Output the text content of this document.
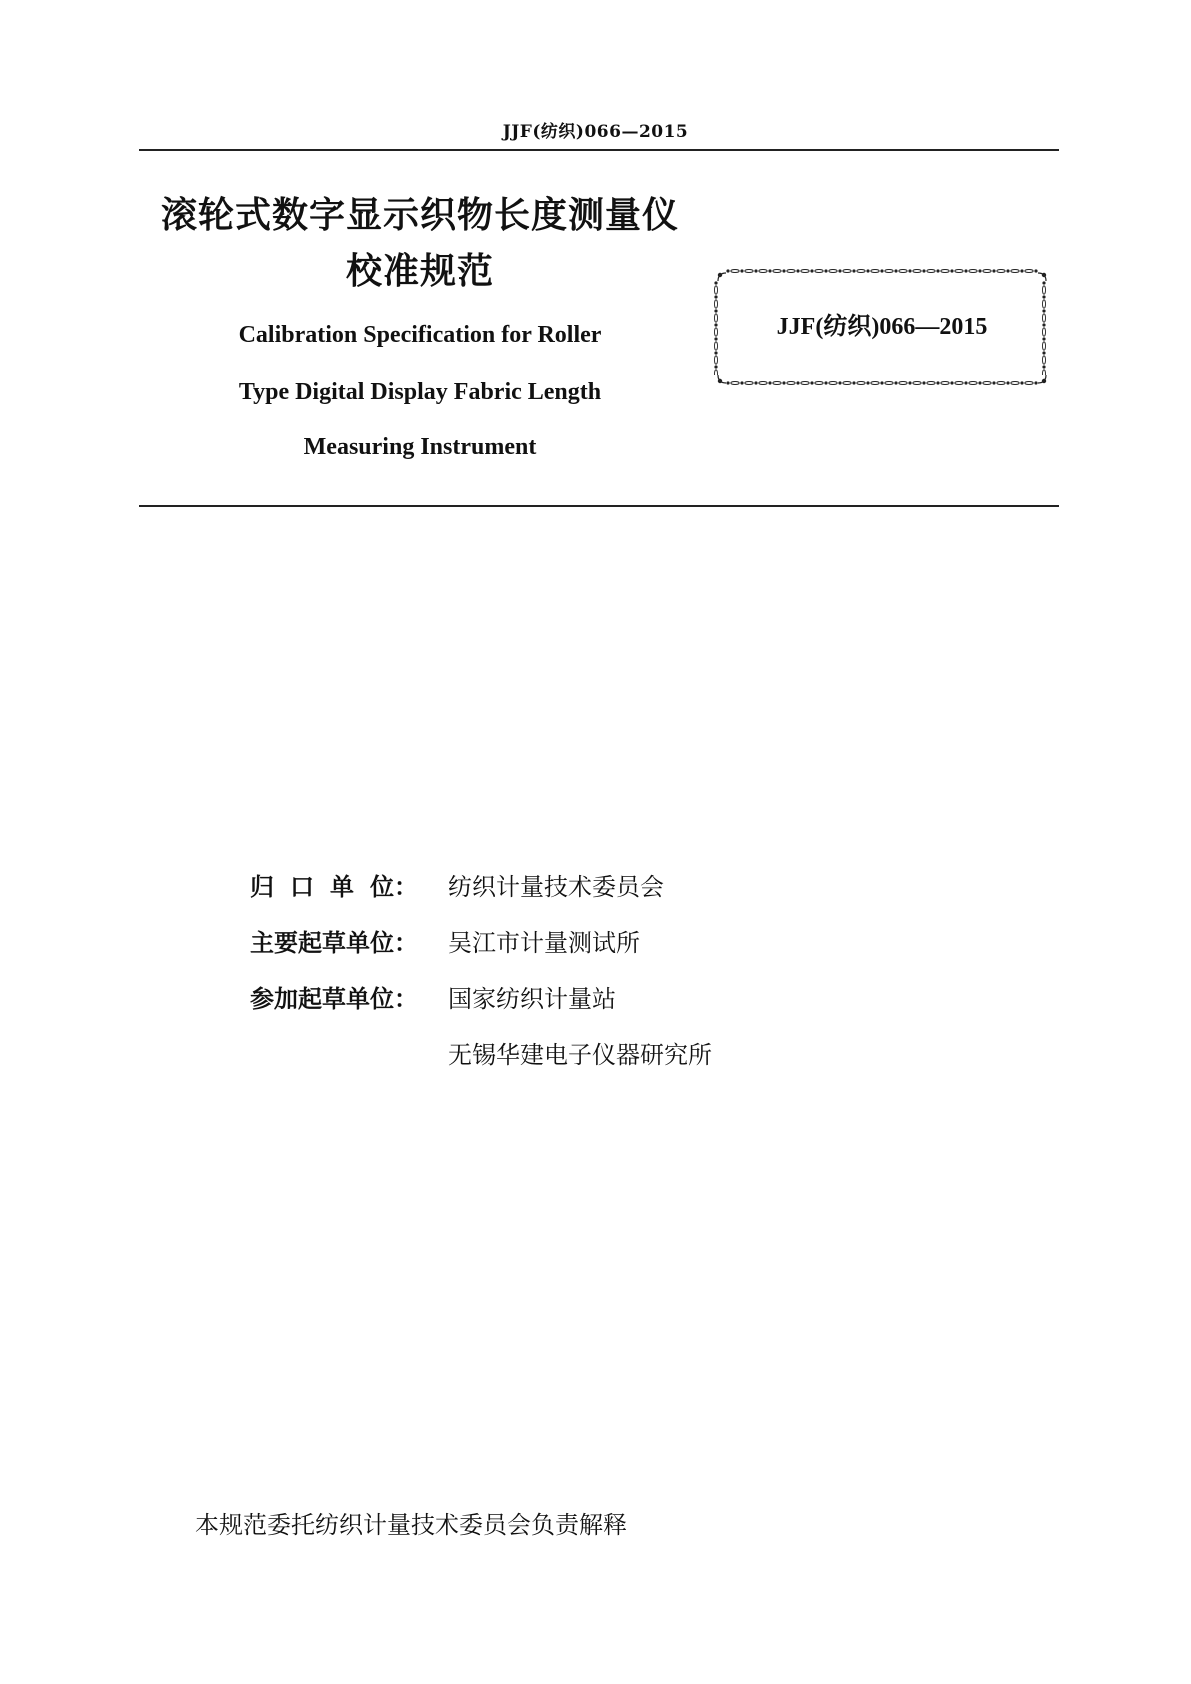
JJF(纺织)066—2015
滚轮式数字显示织物长度测量仪
校准规范
Calibration Specification for Roller
Type Digital Display Fabric Length
Measuring Instrument
JJF(纺织)066—2015
归 口 单 位： 纺织计量技术委员会
主要起草单位： 吴江市计量测试所
参加起草单位： 国家纺织计量站
无锡华建电子仪器研究所
本规范委托纺织计量技术委员会负责解释
